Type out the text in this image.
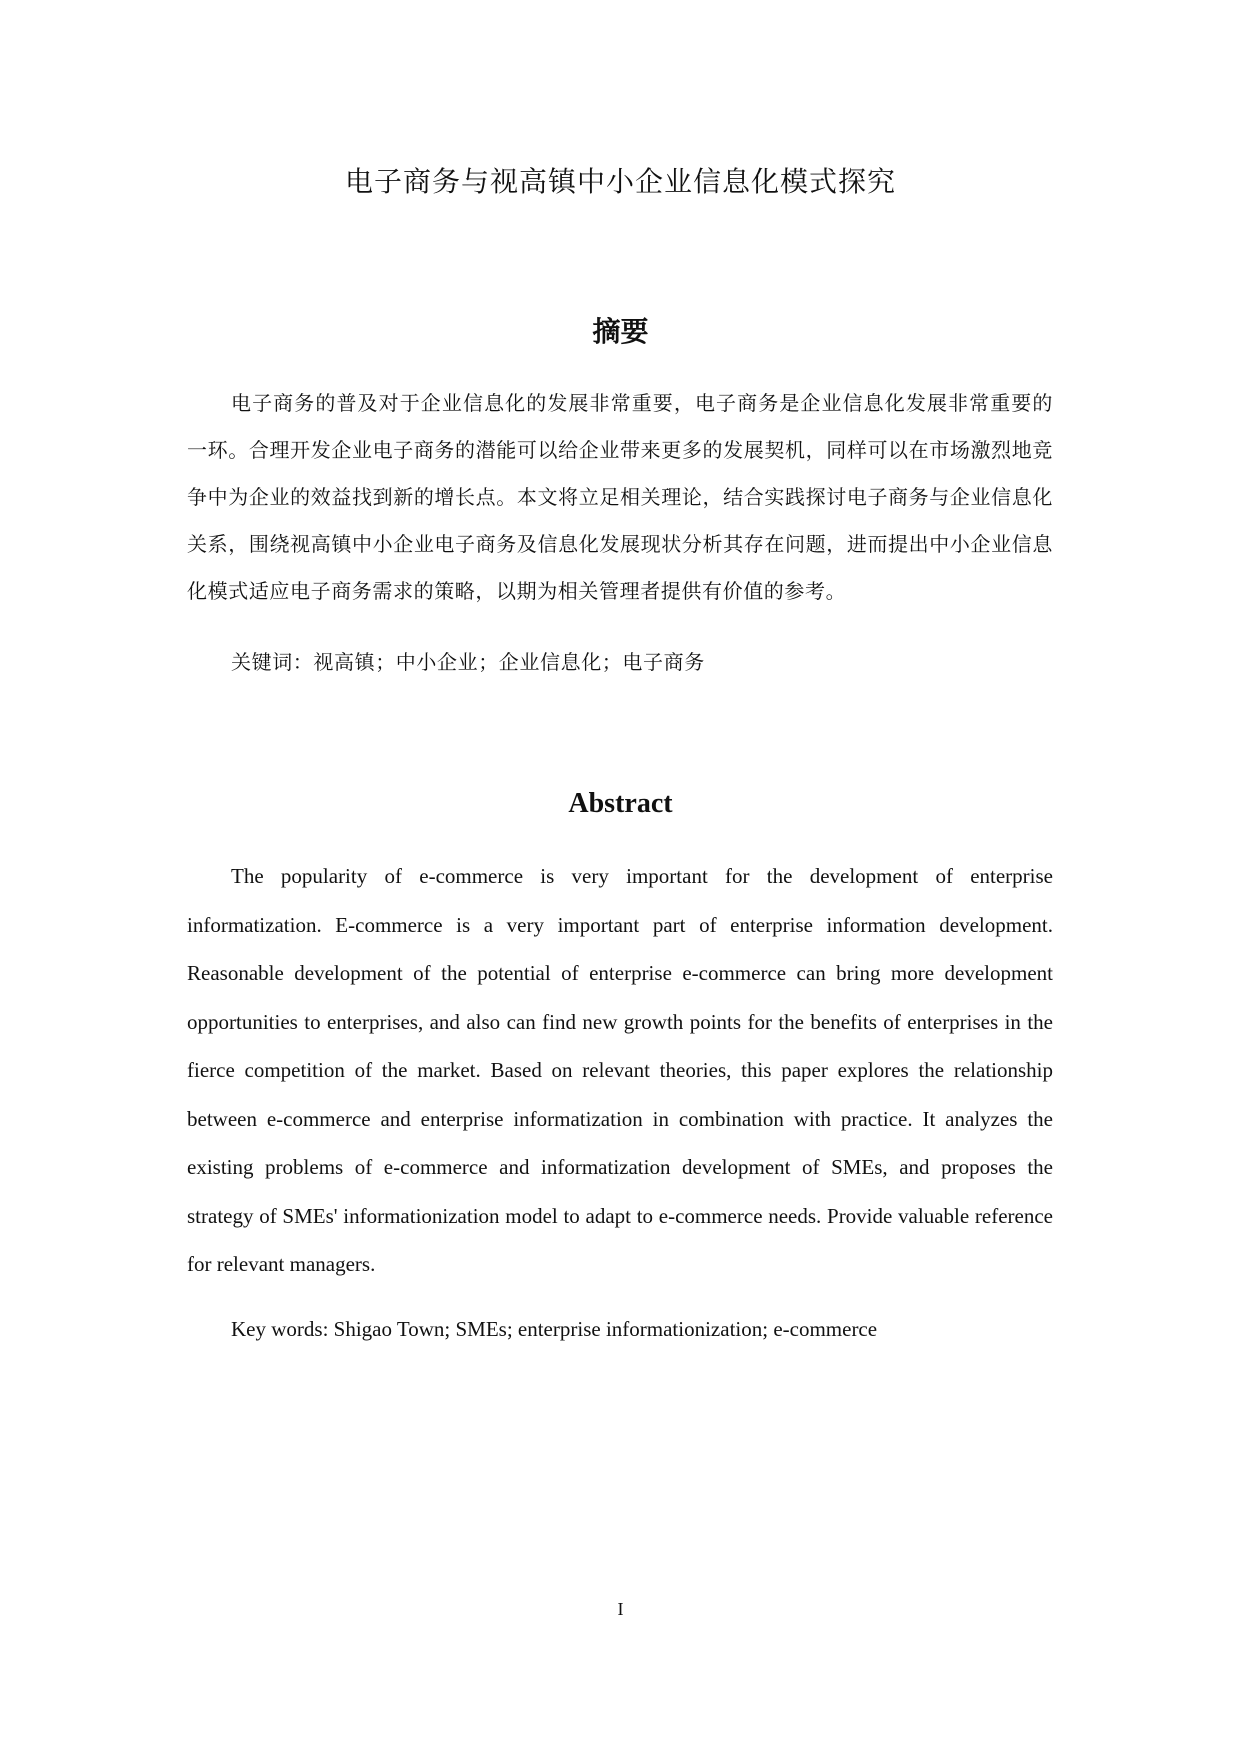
电子商务与视高镇中小企业信息化模式探究
摘要

电子商务的普及对于企业信息化的发展非常重要，电子商务是企业信息化发展非常重要的一环。合理开发企业电子商务的潜能可以给企业带来更多的发展契机，同样可以在市场激烈地竞争中为企业的效益找到新的增长点。本文将立足相关理论，结合实践探讨电子商务与企业信息化关系，围绕视高镇中小企业电子商务及信息化发展现状分析其存在问题，进而提出中小企业信息化模式适应电子商务需求的策略，以期为相关管理者提供有价值的参考。

关键词：视高镇；中小企业；企业信息化；电子商务
Abstract

The popularity of e-commerce is very important for the development of enterprise informatization. E-commerce is a very important part of enterprise information development. Reasonable development of the potential of enterprise e-commerce can bring more development opportunities to enterprises, and also can find new growth points for the benefits of enterprises in the fierce competition of the market. Based on relevant theories, this paper explores the relationship between e-commerce and enterprise informatization in combination with practice. It analyzes the existing problems of e-commerce and informatization development of SMEs, and proposes the strategy of SMEs' informationization model to adapt to e-commerce needs. Provide valuable reference for relevant managers.

Key words: Shigao Town; SMEs; enterprise informationization; e-commerce
I
